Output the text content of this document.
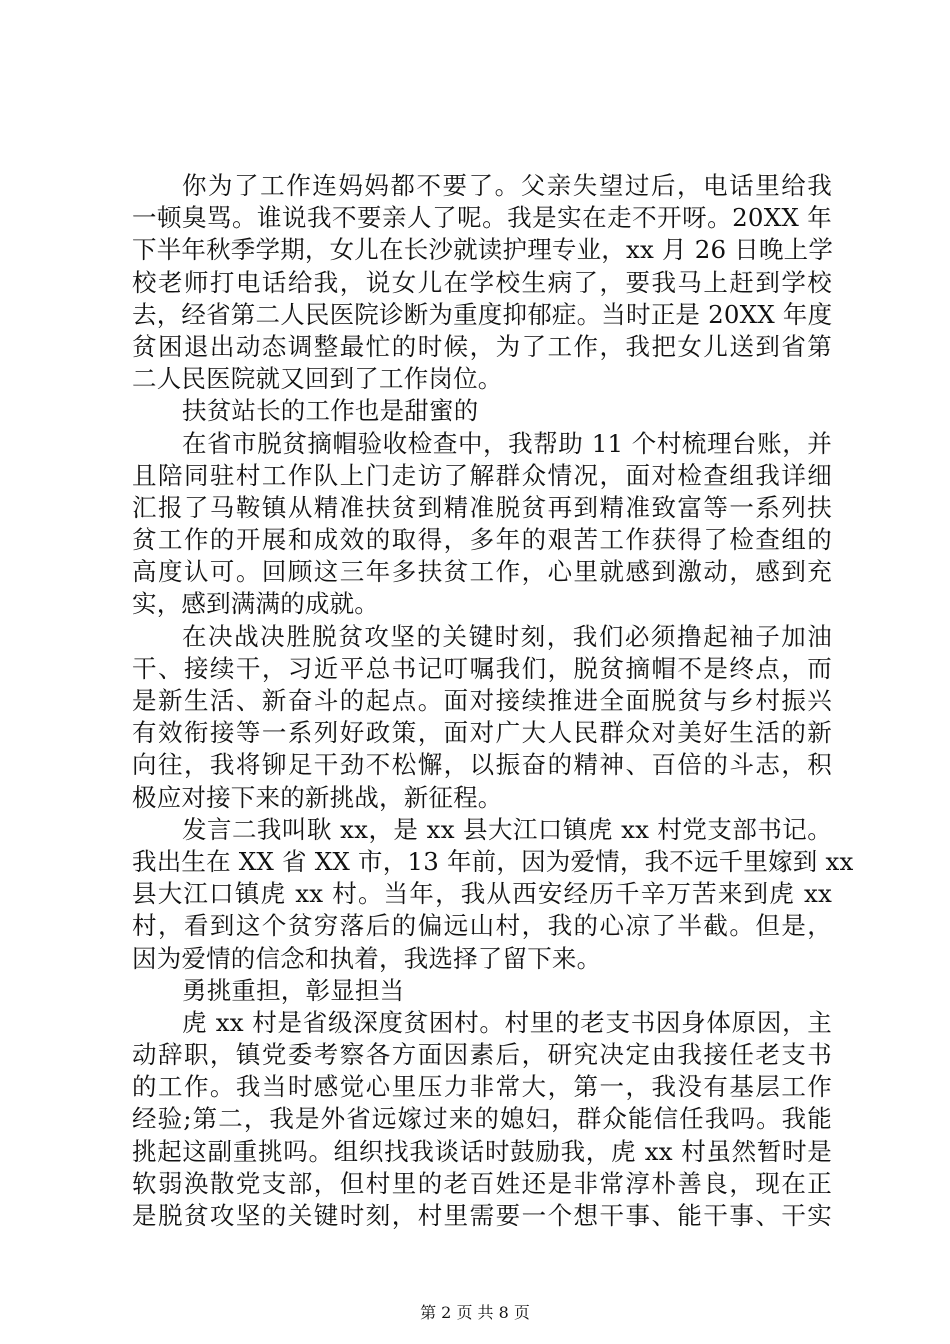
你为了工作连妈妈都不要了。父亲失望过后，电话里给我
一顿臭骂。谁说我不要亲人了呢。我是实在走不开呀。20XX 年
下半年秋季学期，女儿在长沙就读护理专业，xx 月 26 日晚上学
校老师打电话给我，说女儿在学校生病了，要我马上赶到学校
去，经省第二人民医院诊断为重度抑郁症。当时正是 20XX 年度
贫困退出动态调整最忙的时候，为了工作，我把女儿送到省第
二人民医院就又回到了工作岗位。
扶贫站长的工作也是甜蜜的
在省市脱贫摘帽验收检查中，我帮助 11 个村梳理台账，并
且陪同驻村工作队上门走访了解群众情况，面对检查组我详细
汇报了马鞍镇从精准扶贫到精准脱贫再到精准致富等一系列扶
贫工作的开展和成效的取得，多年的艰苦工作获得了检查组的
高度认可。回顾这三年多扶贫工作，心里就感到激动，感到充
实，感到满满的成就。
在决战决胜脱贫攻坚的关键时刻，我们必须撸起袖子加油
干、接续干，习近平总书记叮嘱我们，脱贫摘帽不是终点，而
是新生活、新奋斗的起点。面对接续推进全面脱贫与乡村振兴
有效衔接等一系列好政策，面对广大人民群众对美好生活的新
向往，我将铆足干劲不松懈，以振奋的精神、百倍的斗志，积
极应对接下来的新挑战，新征程。
发言二我叫耿 xx，是 xx 县大江口镇虎 xx 村党支部书记。
我出生在 XX 省 XX 市，13 年前，因为爱情，我不远千里嫁到 xx
县大江口镇虎 xx 村。当年，我从西安经历千辛万苦来到虎 xx
村，看到这个贫穷落后的偏远山村，我的心凉了半截。但是，
因为爱情的信念和执着，我选择了留下来。
勇挑重担，彰显担当
虎 xx 村是省级深度贫困村。村里的老支书因身体原因，主
动辞职，镇党委考察各方面因素后，研究决定由我接任老支书
的工作。我当时感觉心里压力非常大，第一，我没有基层工作
经验;第二，我是外省远嫁过来的媳妇，群众能信任我吗。我能
挑起这副重挑吗。组织找我谈话时鼓励我，虎 xx 村虽然暂时是
软弱涣散党支部，但村里的老百姓还是非常淳朴善良，现在正
是脱贫攻坚的关键时刻，村里需要一个想干事、能干事、干实
第 2 页 共 8 页
